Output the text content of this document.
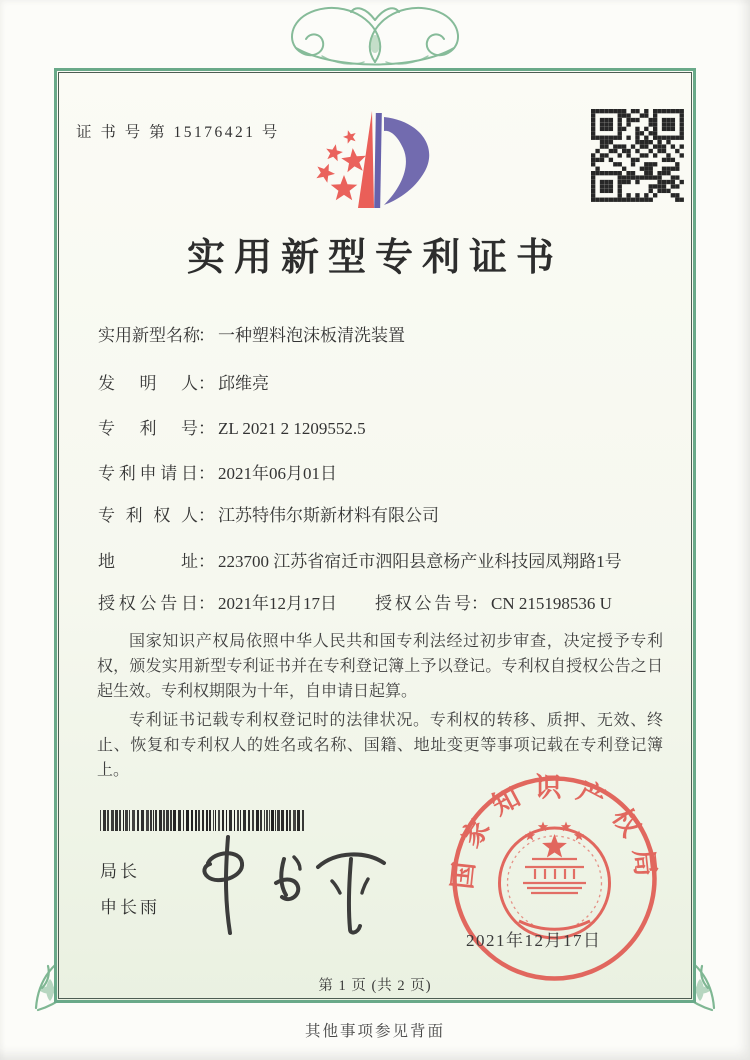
证 书 号 第 15176421 号
实用新型专利证书
实用新型名称： 一种塑料泡沫板清洗装置
发明人： 邱维亮
专利号： ZL 2021 2 1209552.5
专利申请日： 2021年06月01日
专利权人： 江苏特伟尔斯新材料有限公司
地址： 223700 江苏省宿迁市泗阳县意杨产业科技园凤翔路1号
授权公告日： 2021年12月17日 授权公告号： CN 215198536 U

国家知识产权局依照中华人民共和国专利法经过初步审查，决定授予专利权，颁发实用新型专利证书并在专利登记簿上予以登记。专利权自授权公告之日起生效。专利权期限为十年，自申请日起算。

专利证书记载专利权登记时的法律状况。专利权的转移、质押、无效、终止、恢复和专利权人的姓名或名称、国籍、地址变更等事项记载在专利登记簿上。

局长
申长雨
国家知识产权局
2021年12月17日
第 1 页 (共 2 页)
其他事项参见背面
